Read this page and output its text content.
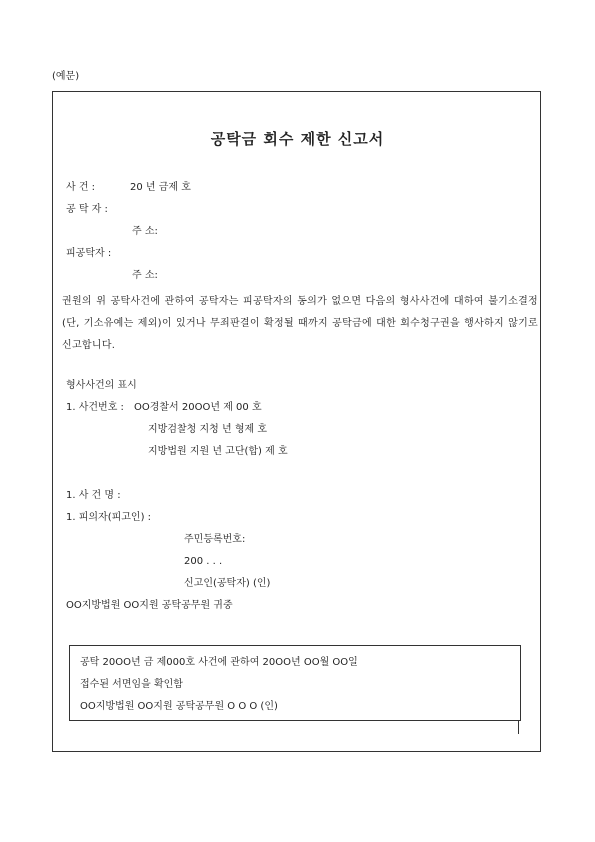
(예문)
공탁금 회수 제한 신고서
사 건 :	20 년 금제 호
공 탁 자 :
주 소:
피공탁자 :
주 소:
권원의 위 공탁사건에 관하여 공탁자는 피공탁자의 동의가 없으면 다음의 형사사건에 대하여 불기소결정(단, 기소유예는 제외)이 있거나 무죄판결이 확정될 때까지 공탁금에 대한 회수청구권을 행사하지 않기로 신고합니다.
형사사건의 표시
1. 사건번호 : OO경찰서 20OO년 제 00 호
지방검찰청 지청 년 형제 호
지방법원 지원 년 고단(합) 제 호
1. 사 건 명 :
1. 피의자(피고인) :
주민등록번호:
200 . . .
신고인(공탁자) (인)
OO지방법원 OO지원 공탁공무원 귀중
공탁 20OO년 금 제000호 사건에 관하여 20OO년 OO월 OO일
접수된 서면임을 확인함
OO지방법원 OO지원 공탁공무원 O O O (인)
